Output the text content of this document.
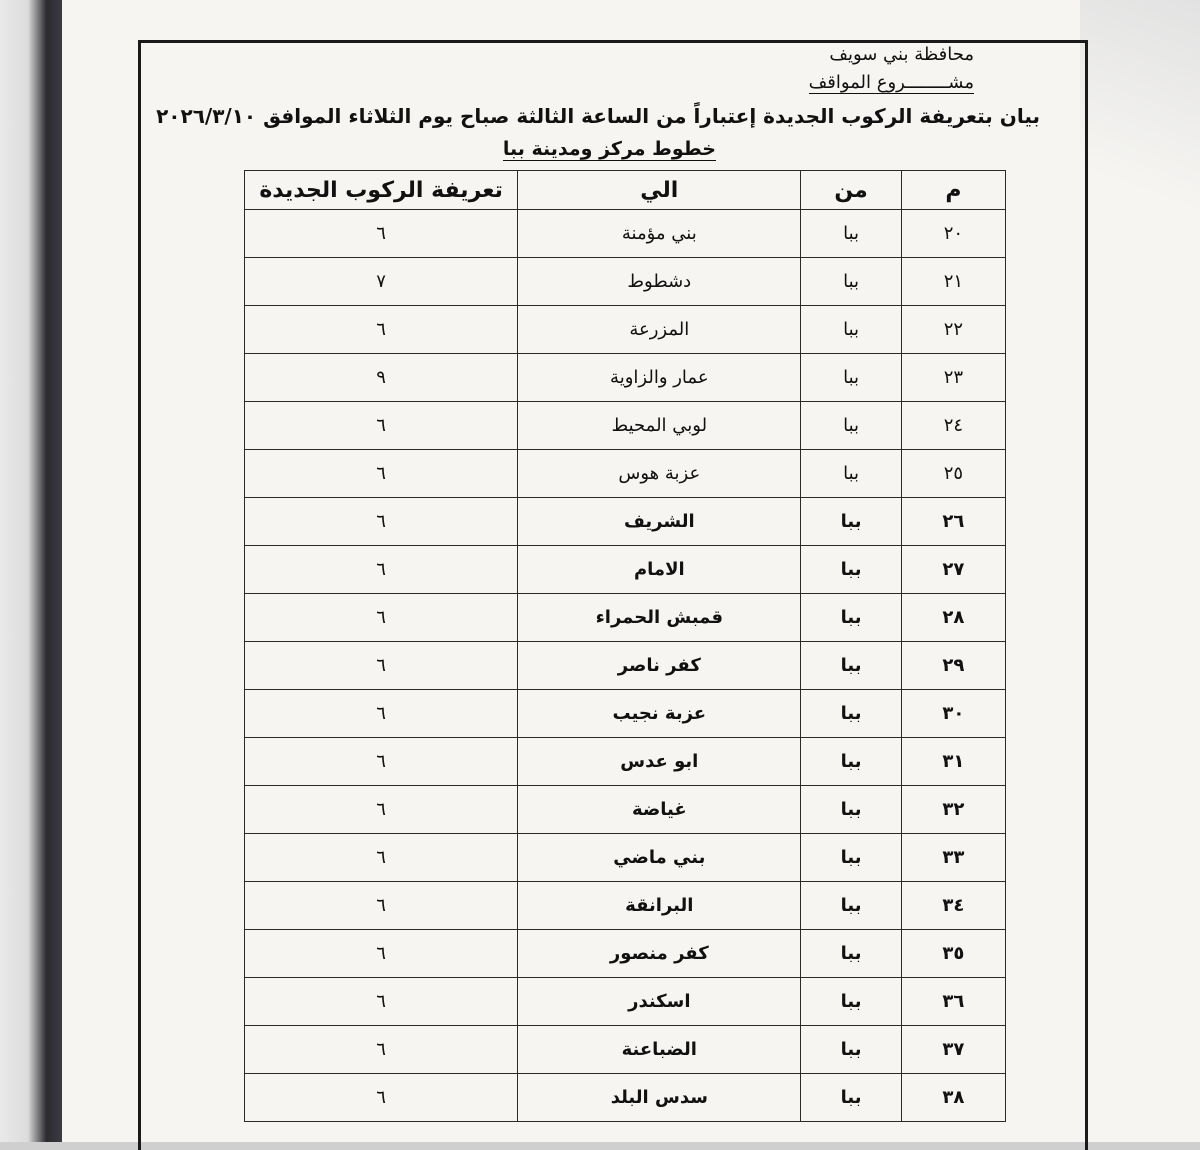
محافظة بني سويف
مشــــــــروع المواقف
بيان بتعريفة الركوب الجديدة إعتباراً من الساعة الثالثة صباح يوم الثلاثاء الموافق ٢٠٢٦/٣/١٠
خطوط مركز ومدينة ببا
م	من	الي	تعريفة الركوب الجديدة
٢٠	ببا	بني مؤمنة	٦
٢١	ببا	دشطوط	٧
٢٢	ببا	المزرعة	٦
٢٣	ببا	عمار والزاوية	٩
٢٤	ببا	لوبي المحيط	٦
٢٥	ببا	عزبة هوس	٦
٢٦	ببا	الشريف	٦
٢٧	ببا	الامام	٦
٢٨	ببا	قمبش الحمراء	٦
٢٩	ببا	كفر ناصر	٦
٣٠	ببا	عزبة نجيب	٦
٣١	ببا	ابو عدس	٦
٣٢	ببا	غياضة	٦
٣٣	ببا	بني ماضي	٦
٣٤	ببا	البرانقة	٦
٣٥	ببا	كفر منصور	٦
٣٦	ببا	اسكندر	٦
٣٧	ببا	الضباعنة	٦
٣٨	ببا	سدس البلد	٦
